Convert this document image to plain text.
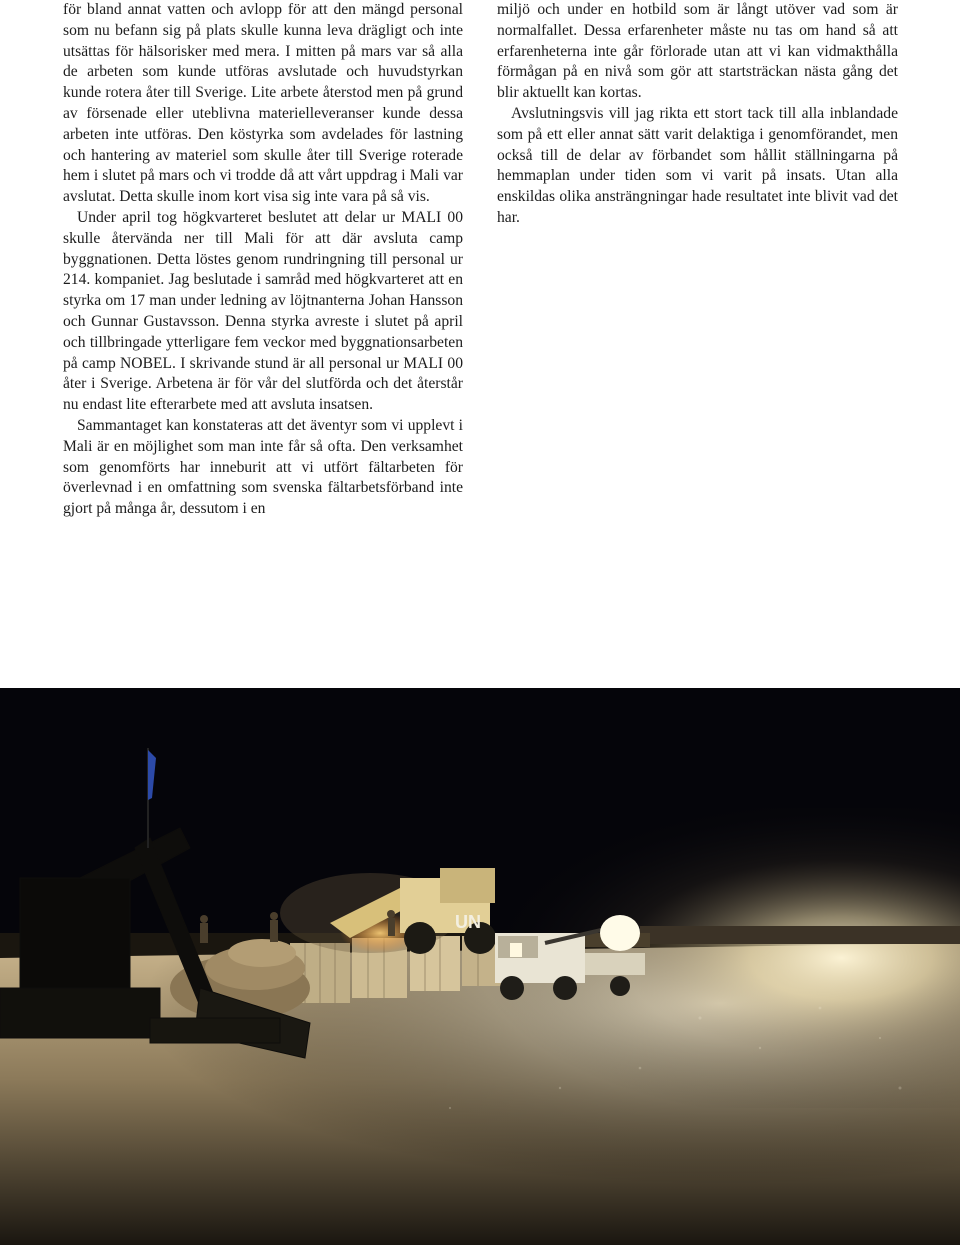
för bland annat vatten och avlopp för att den mängd personal som nu befann sig på plats skulle kunna leva drägligt och inte utsättas för hälsorisker med mera. I mitten på mars var så alla de arbeten som kunde utföras avslutade och huvudstyrkan kunde rotera åter till Sverige. Lite arbete återstod men på grund av försenade eller uteblivna materielleveranser kunde dessa arbeten inte utföras. Den köstyrka som avdelades för lastning och hantering av materiel som skulle åter till Sverige roterade hem i slutet på mars och vi trodde då att vårt uppdrag i Mali var avslutat. Detta skulle inom kort visa sig inte vara på så vis.

Under april tog högkvarteret beslutet att delar ur MALI 00 skulle återvända ner till Mali för att där avsluta camp byggnationen. Detta löstes genom rundringning till personal ur 214. kompaniet. Jag beslutade i samråd med högkvarteret att en styrka om 17 man under ledning av löjtnanterna Johan Hansson och Gunnar Gustavsson. Denna styrka avreste i slutet på april och tillbringade ytterligare fem veckor med byggnationsarbeten på camp NOBEL. I skrivande stund är all personal ur MALI 00 åter i Sverige. Arbetena är för vår del slutförda och det återstår nu endast lite efterarbete med att avsluta insatsen.

Sammantaget kan konstateras att det äventyr som vi upplevt i Mali är en möjlighet som man inte får så ofta. Den verksamhet som genomförts har inneburit att vi utfört fältarbeten för överlevnad i en omfattning som svenska fältarbetsförband inte gjort på många år, dessutom i en

miljö och under en hotbild som är långt utöver vad som är normalfallet. Dessa erfarenheter måste nu tas om hand så att erfarenheterna inte går förlorade utan att vi kan vidmakthålla förmågan på en nivå som gör att startsträckan nästa gång det blir aktuellt kan kortas.

Avslutningsvis vill jag rikta ett stort tack till alla inblandade som på ett eller annat sätt varit delaktiga i genomförandet, men också till de delar av förbandet som hållit ställningarna på hemmaplan under tiden som vi varit på insats. Utan alla enskildas olika ansträngningar hade resultatet inte blivit vad det har.

UN
